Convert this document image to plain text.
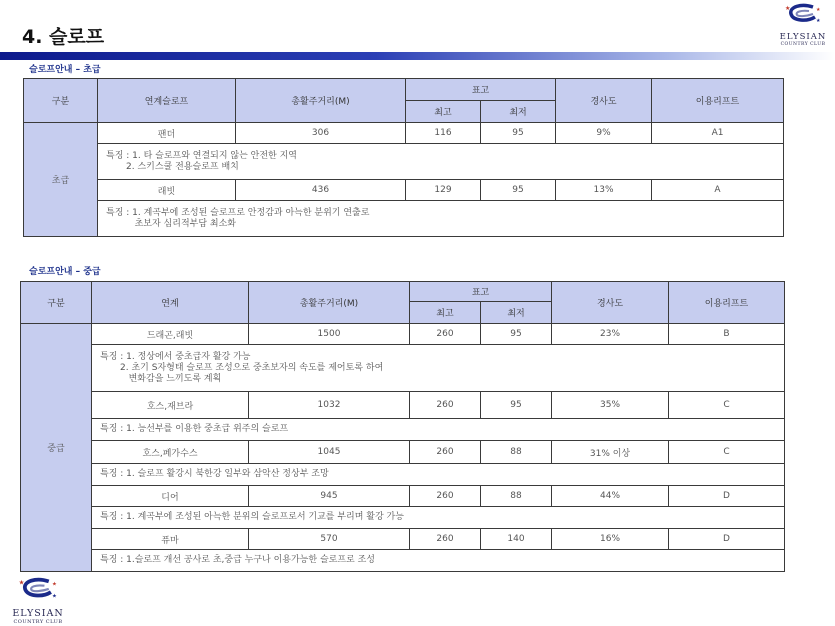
4. 슬로프
★	★
★
ELYSIAN
COUNTRY CLUB
슬로프안내 – 초급
구분	연계슬로프	총활주거리(M)	표고		경사도	이용리프트
			최고	최저		
초급	팬더	306	116	95	9%	A1

	특징 : 1. 타 슬로프와 연결되지 않는 안전한 지역
2. 스키스쿨 전용슬로프 배치					

	래빗	436	129	95	13%	A

	특징 : 1. 계곡부에 조성된 슬로프로 안정감과 아늑한 분위기 연출로
초보자 심리적부담 최소화					
슬로프안내 – 중급
구분	연계	총활주거리(M)	표고		경사도	이용리프트
			최고	최저		
중급	드래곤,래빗	1500	260	95	23%	B

	특징 : 1. 정상에서 중초급자 활강 가능
2. 초기 S자형태 슬로프 조성으로 중초보자의 속도를 제어토록 하여
변화감을 느끼도록 계획					

	호스,재브라	1032	260	95	35%	C

	특징 : 1. 능선부를 이용한 중초급 위주의 슬로프					

	호스,페가수스	1045	260	88	31% 이상	C

	특징 : 1. 슬로프 활강시 북한강 일부와 삼악산 정상부 조망					

	디어	945	260	88	44%	D

	특징 : 1. 계곡부에 조성된 아늑한 분위의 슬로프로서 기교를 부리며 활강 가능					

	퓨마	570	260	140	16%	D

	특징 : 1.슬로프 개선 공사로 초,중급 누구나 이용가능한 슬로프로 조성					
★	★
★
ELYSIAN
COUNTRY CLUB
